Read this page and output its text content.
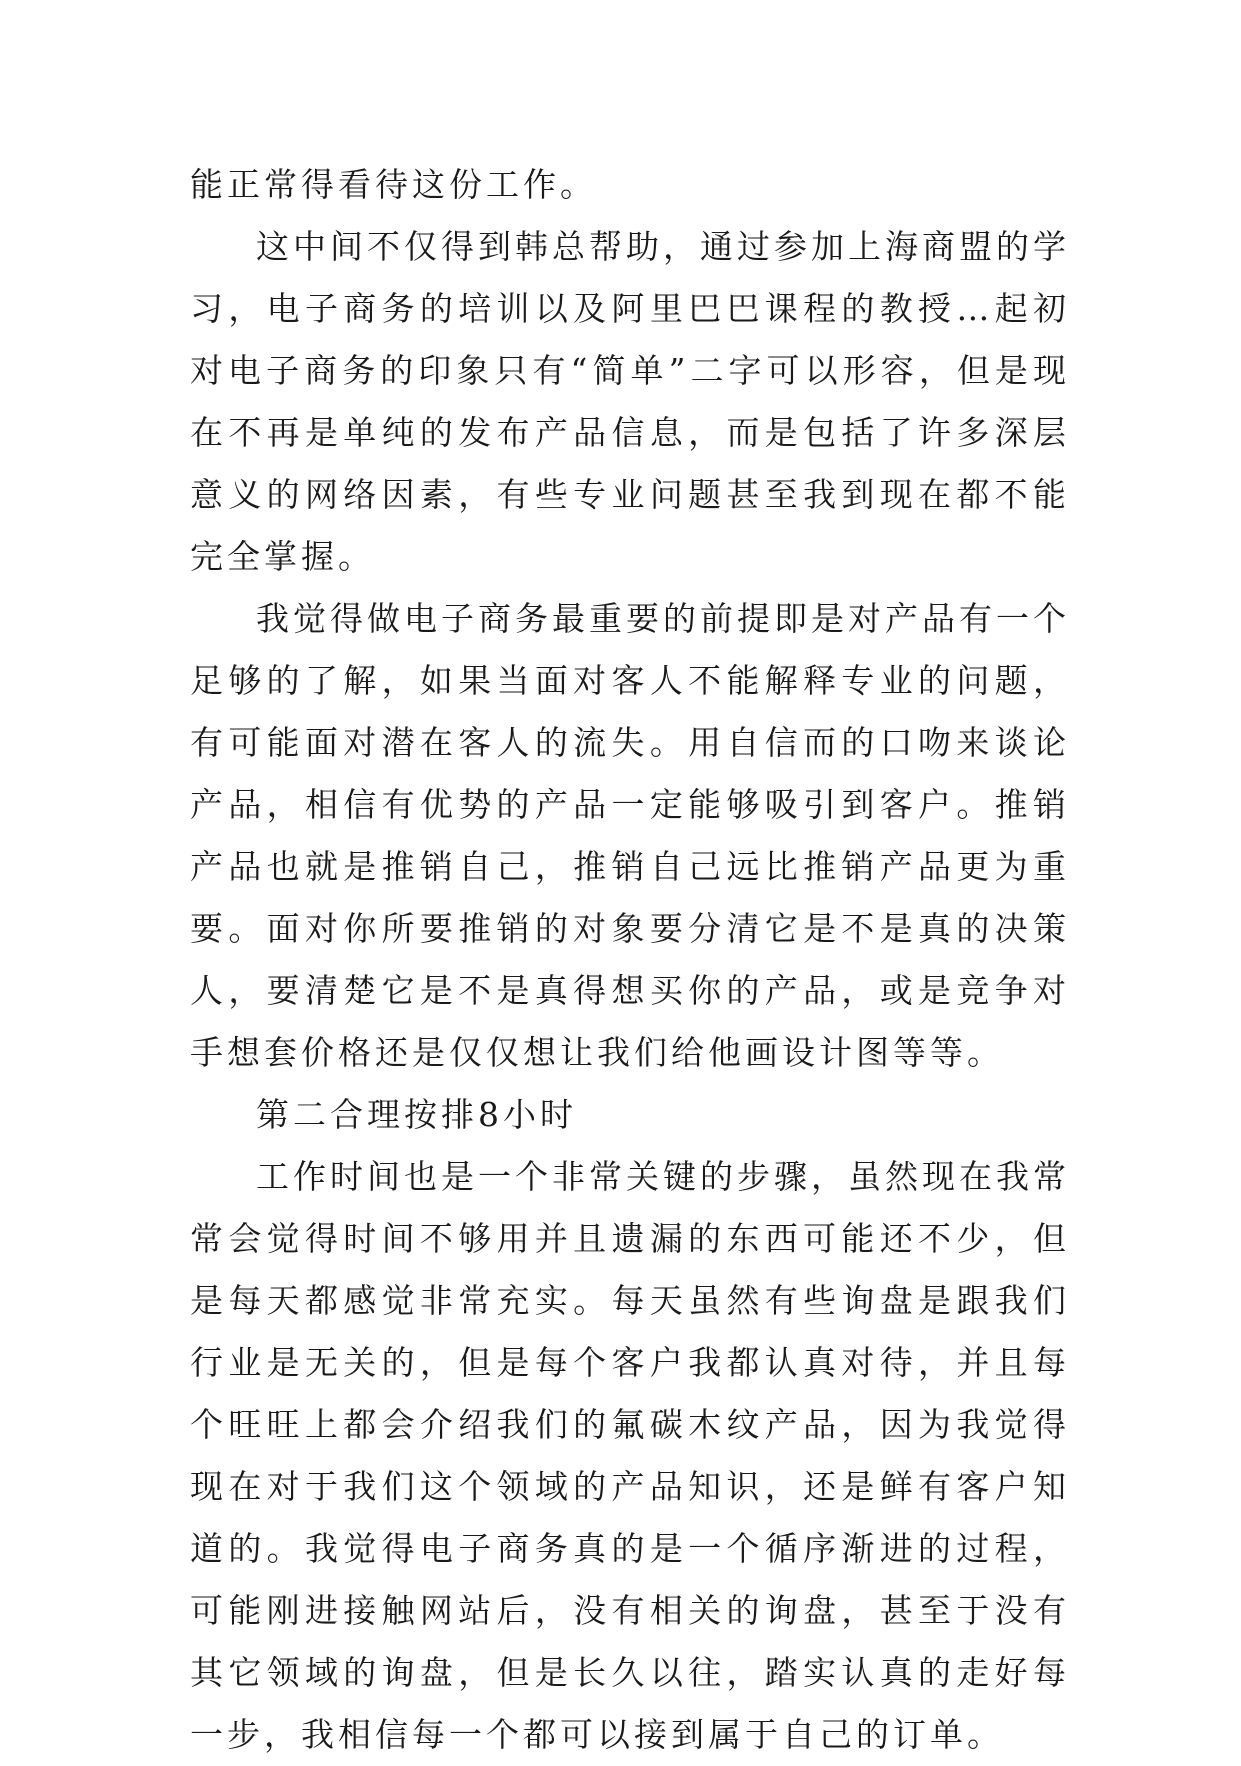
能正常得看待这份工作。

这中间不仅得到韩总帮助，通过参加上海商盟的学习，电子商务的培训以及阿里巴巴课程的教授…起初对电子商务的印象只有“简单”二字可以形容，但是现在不再是单纯的发布产品信息，而是包括了许多深层意义的网络因素，有些专业问题甚至我到现在都不能完全掌握。

我觉得做电子商务最重要的前提即是对产品有一个足够的了解，如果当面对客人不能解释专业的问题，有可能面对潜在客人的流失。用自信而的口吻来谈论产品，相信有优势的产品一定能够吸引到客户。推销产品也就是推销自己，推销自己远比推销产品更为重要。面对你所要推销的对象要分清它是不是真的决策人，要清楚它是不是真得想买你的产品，或是竞争对手想套价格还是仅仅想让我们给他画设计图等等。

第二合理按排8小时

工作时间也是一个非常关键的步骤，虽然现在我常常会觉得时间不够用并且遗漏的东西可能还不少，但是每天都感觉非常充实。每天虽然有些询盘是跟我们行业是无关的，但是每个客户我都认真对待，并且每个旺旺上都会介绍我们的氟碳木纹产品，因为我觉得现在对于我们这个领域的产品知识，还是鲜有客户知道的。我觉得电子商务真的是一个循序渐进的过程，可能刚进接触网站后，没有相关的询盘，甚至于没有其它领域的询盘，但是长久以往，踏实认真的走好每一步，我相信每一个都可以接到属于自己的订单。
